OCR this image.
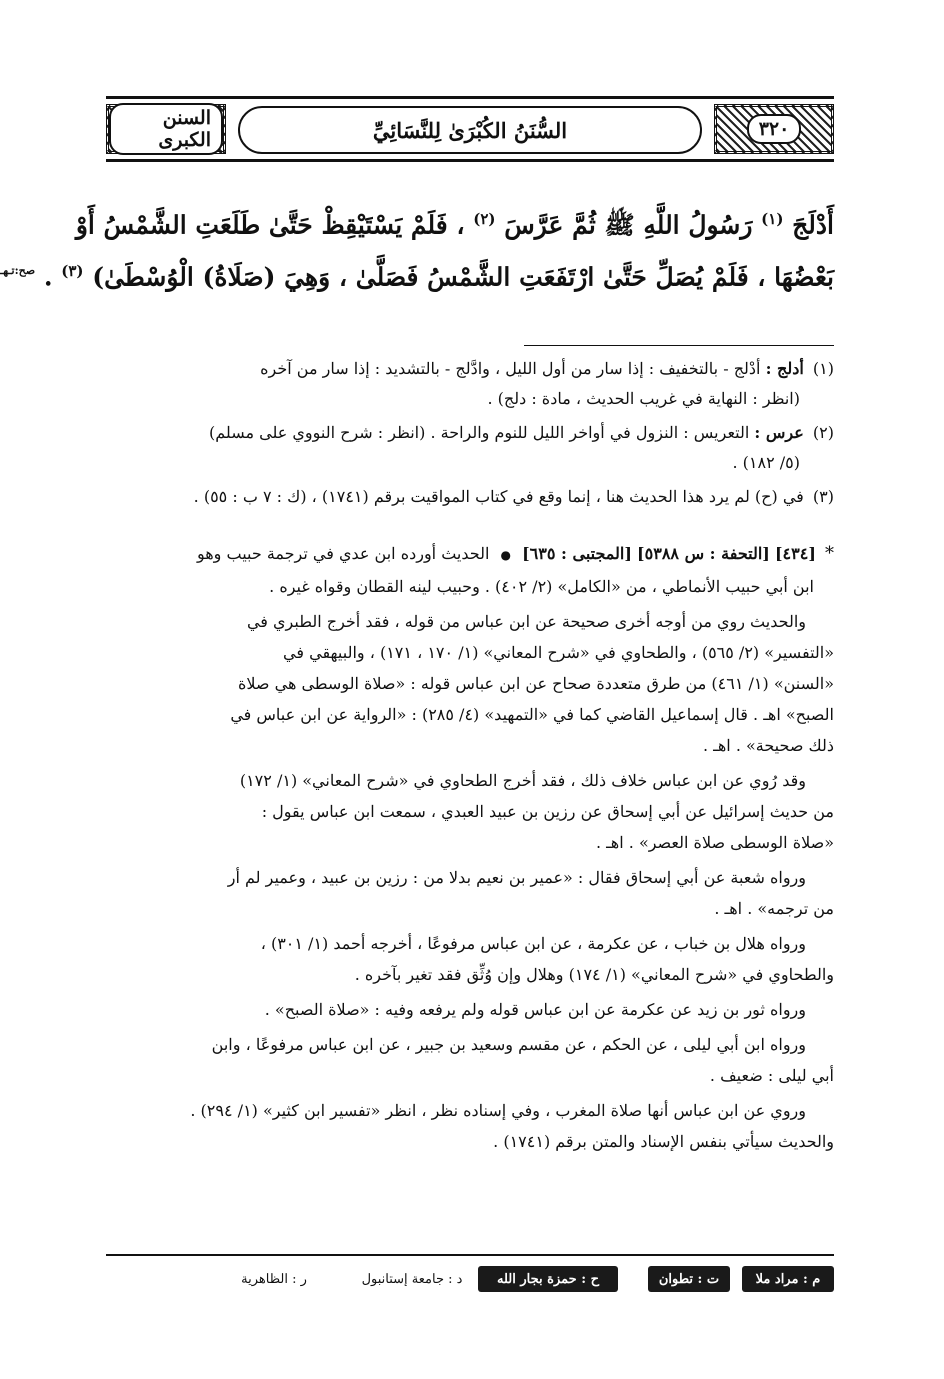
٣٢٠
السُّنَنُ الكُبْرَىٰ لِلنَّسَائِيِّ
السنن الكبرى
أَدْلَجَ $^{(١)}$ رَسُولُ اللَّهِ ﷺ ثُمَّ عَرَّسَ $^{(٢)}$ ، فَلَمْ يَسْتَيْقِظْ حَتَّىٰ طَلَعَتِ الشَّمْسُ أَوْ
بَعْضُهَا ، فَلَمْ يُصَلِّ حَتَّىٰ ارْتَفَعَتِ الشَّمْسُ فَصَلَّىٰ ، وَهِيَ (صَلَاةُ) الْوُسْطَىٰ) $^{(٣)}$ . $^{صح:تـهـ}$
(١) أدلج : أدْلج - بالتخفيف : إذا سار من أول الليل ، وادَّلج - بالتشديد : إذا سار من آخره
(انظر : النهاية في غريب الحديث ، مادة : دلج) .
(٢) عرس : التعريس : النزول في أواخر الليل للنوم والراحة . (انظر : شرح النووي على مسلم)
(٥/ ١٨٢) .
(٣) في (ح) لم يرد هذا الحديث هنا ، إنما وقع في كتاب المواقيت برقم (١٧٤١) ، (ك : ٧ ب : ٥٥) .
* [٤٣٤] [التحفة : س ٥٣٨٨] [المجتبى : ٦٣٥] ● الحديث أورده ابن عدي في ترجمة حبيب وهو
ابن أبي حبيب الأنماطي ، من «الكامل» (٢/ ٤٠٢) . وحبيب لينه القطان وقواه غيره .
والحديث روي من أوجه أخرى صحيحة عن ابن عباس من قوله ، فقد أخرج الطبري في
«التفسير» (٢/ ٥٦٥) ، والطحاوي في «شرح المعاني» (١/ ١٧٠ ، ١٧١) ، والبيهقي في
«السنن» (١/ ٤٦١) من طرق متعددة صحاح عن ابن عباس قوله : «صلاة الوسطى هي صلاة
الصبح» اهـ . قال إسماعيل القاضي كما في «التمهيد» (٤/ ٢٨٥) : «الرواية عن ابن عباس في
ذلك صحيحة» . اهـ .
وقد رُوي عن ابن عباس خلاف ذلك ، فقد أخرج الطحاوي في «شرح المعاني» (١/ ١٧٢)
من حديث إسرائيل عن أبي إسحاق عن رزين بن عبيد العبدي ، سمعت ابن عباس يقول :
«صلاة الوسطى صلاة العصر» . اهـ .
ورواه شعبة عن أبي إسحاق فقال : «عمير بن نعيم بدلا من : رزين بن عبيد ، وعمير لم أر
من ترجمه» . اهـ .
ورواه هلال بن خباب ، عن عكرمة ، عن ابن عباس مرفوعًا ، أخرجه أحمد (١/ ٣٠١) ،
والطحاوي في «شرح المعاني» (١/ ١٧٤) وهلال وإن وُثِّق فقد تغير بآخره .
ورواه ثور بن زيد عن عكرمة عن ابن عباس قوله ولم يرفعه وفيه : «صلاة الصبح» .
ورواه ابن أبي ليلى ، عن الحكم ، عن مقسم وسعيد بن جبير ، عن ابن عباس مرفوعًا ، وابن
أبي ليلى : ضعيف .
وروي عن ابن عباس أنها صلاة المغرب ، وفي إسناده نظر ، انظر «تفسير ابن كثير» (١/ ٢٩٤) .
والحديث سيأتي بنفس الإسناد والمتن برقم (١٧٤١) .
م : مراد ملا
ت : تطوان
ح : حمزة بجار الله
د : جامعة إستانبول
ر : الظاهرية
